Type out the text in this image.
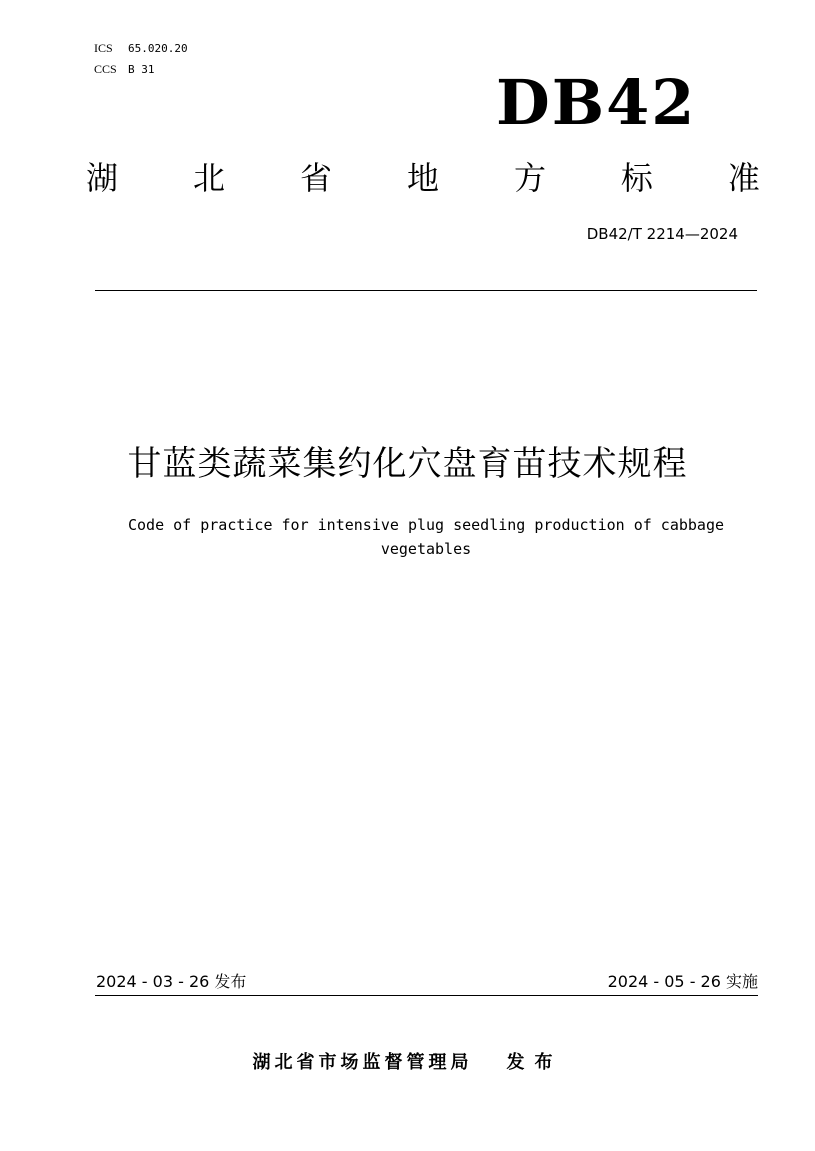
ICS 65.020.20
CCS B 31	DB42
湖 北 省 地 方 标 准
DB42/T 2214—2024
甘蓝类蔬菜集约化穴盘育苗技术规程
Code of practice for intensive plug seedling production of cabbage vegetables
2024 - 03 - 26 发布	2024 - 05 - 26 实施
湖北省市场监督管理局 发布
